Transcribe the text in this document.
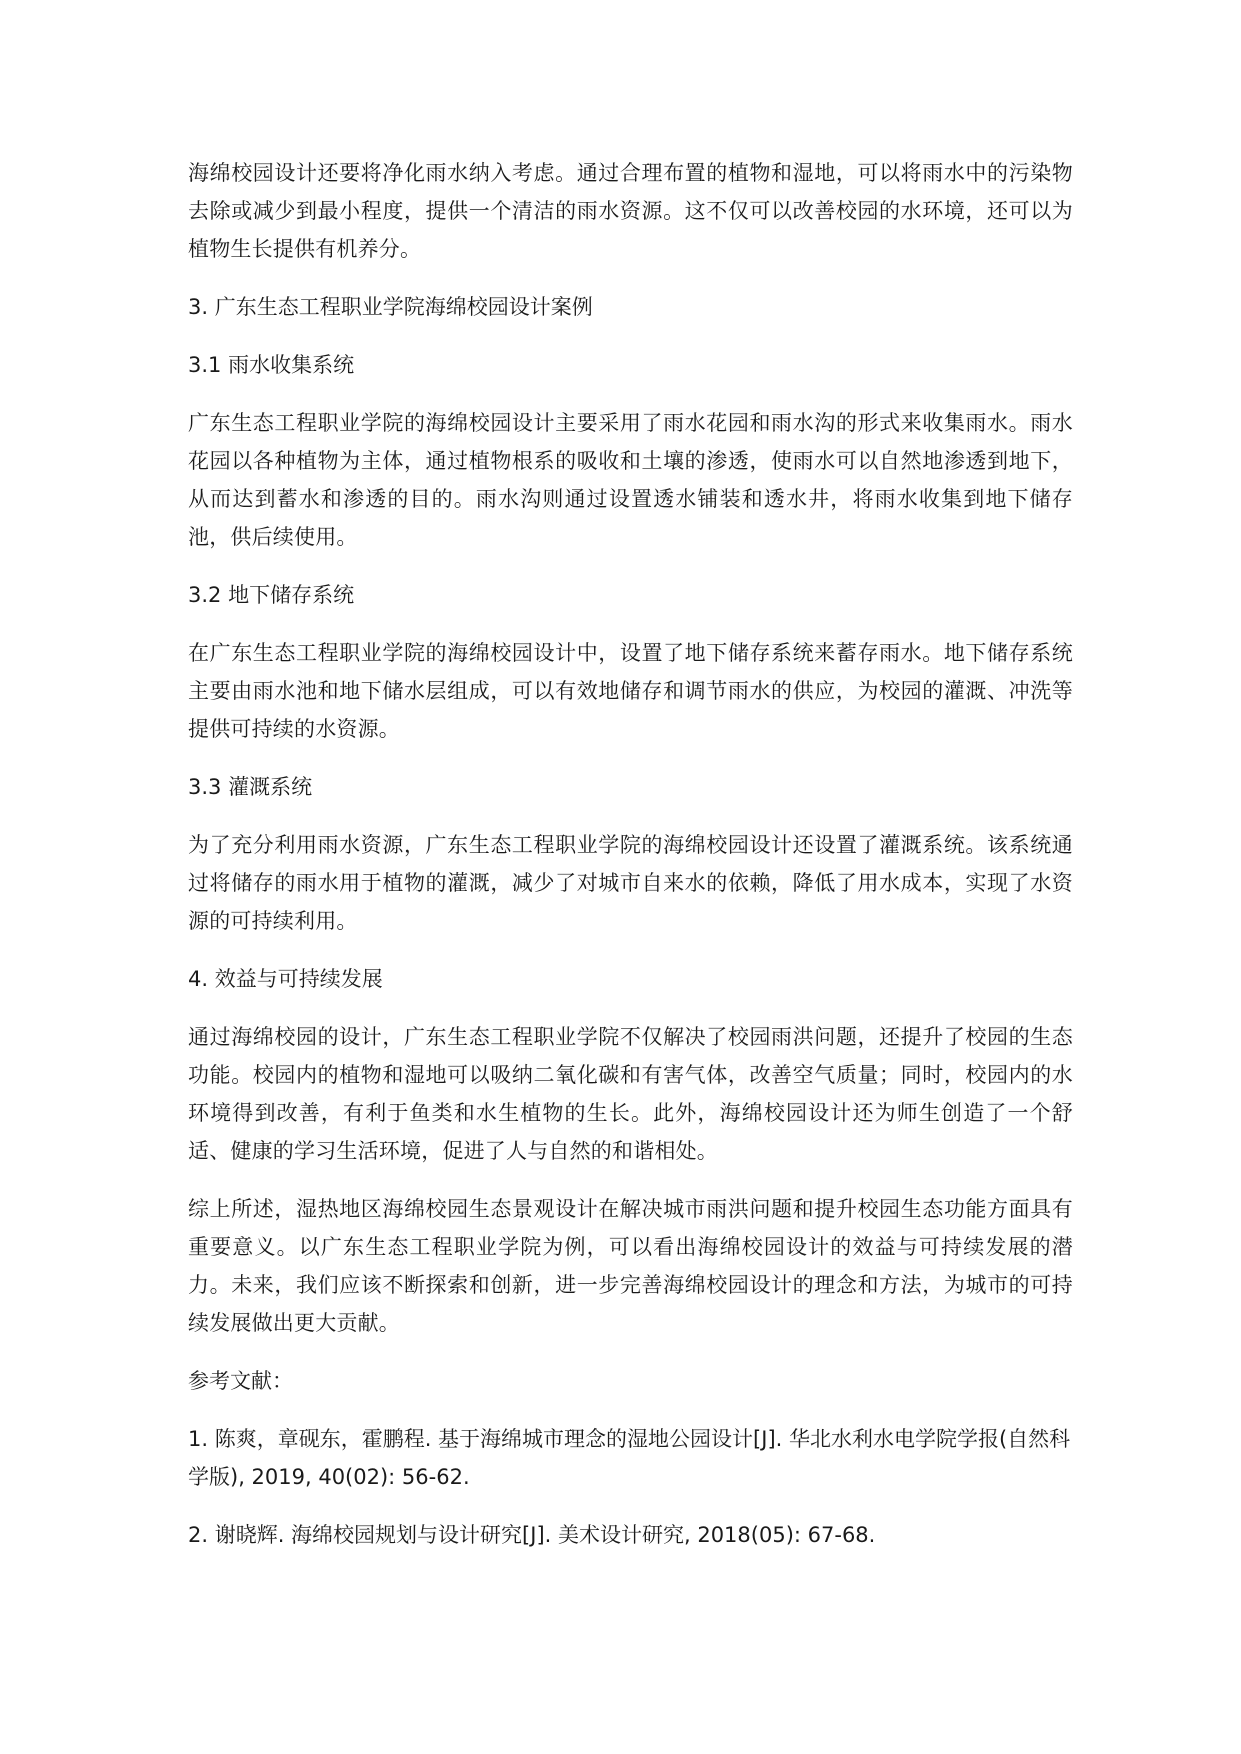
海绵校园设计还要将净化雨水纳入考虑。通过合理布置的植物和湿地，可以将雨水中的污染物去除或减少到最小程度，提供一个清洁的雨水资源。这不仅可以改善校园的水环境，还可以为植物生长提供有机养分。

3. 广东生态工程职业学院海绵校园设计案例

3.1 雨水收集系统

广东生态工程职业学院的海绵校园设计主要采用了雨水花园和雨水沟的形式来收集雨水。雨水花园以各种植物为主体，通过植物根系的吸收和土壤的渗透，使雨水可以自然地渗透到地下，从而达到蓄水和渗透的目的。雨水沟则通过设置透水铺装和透水井，将雨水收集到地下储存池，供后续使用。

3.2 地下储存系统

在广东生态工程职业学院的海绵校园设计中，设置了地下储存系统来蓄存雨水。地下储存系统主要由雨水池和地下储水层组成，可以有效地储存和调节雨水的供应，为校园的灌溉、冲洗等提供可持续的水资源。

3.3 灌溉系统

为了充分利用雨水资源，广东生态工程职业学院的海绵校园设计还设置了灌溉系统。该系统通过将储存的雨水用于植物的灌溉，减少了对城市自来水的依赖，降低了用水成本，实现了水资源的可持续利用。

4. 效益与可持续发展

通过海绵校园的设计，广东生态工程职业学院不仅解决了校园雨洪问题，还提升了校园的生态功能。校园内的植物和湿地可以吸纳二氧化碳和有害气体，改善空气质量；同时，校园内的水环境得到改善，有利于鱼类和水生植物的生长。此外，海绵校园设计还为师生创造了一个舒适、健康的学习生活环境，促进了人与自然的和谐相处。

综上所述，湿热地区海绵校园生态景观设计在解决城市雨洪问题和提升校园生态功能方面具有重要意义。以广东生态工程职业学院为例，可以看出海绵校园设计的效益与可持续发展的潜力。未来，我们应该不断探索和创新，进一步完善海绵校园设计的理念和方法，为城市的可持续发展做出更大贡献。

参考文献：

1. 陈爽，章砚东，霍鹏程. 基于海绵城市理念的湿地公园设计[J]. 华北水利水电学院学报(自然科学版), 2019, 40(02): 56-62.

2. 谢晓辉. 海绵校园规划与设计研究[J]. 美术设计研究, 2018(05): 67-68.
